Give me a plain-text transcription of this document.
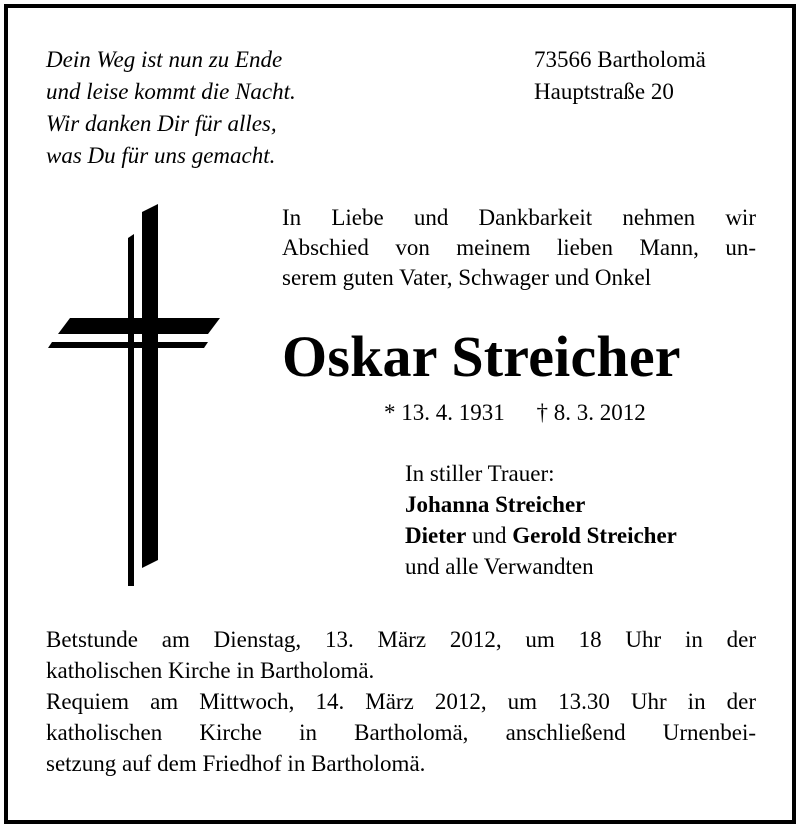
Dein Weg ist nun zu Ende
und leise kommt die Nacht.
Wir danken Dir für alles,
was Du für uns gemacht.
73566 Bartholomä
Hauptstraße 20
In Liebe und Dankbarkeit nehmen wir
Abschied von meinem lieben Mann, un-
serem guten Vater, Schwager und Onkel
Oskar Streicher
* 13. 4. 1931 † 8. 3. 2012
In stiller Trauer:
Johanna Streicher
Dieter und Gerold Streicher
und alle Verwandten
Betstunde am Dienstag, 13. März 2012, um 18 Uhr in der
katholischen Kirche in Bartholomä.
Requiem am Mittwoch, 14. März 2012, um 13.30 Uhr in der
katholischen Kirche in Bartholomä, anschließend Urnenbei-
setzung auf dem Friedhof in Bartholomä.
